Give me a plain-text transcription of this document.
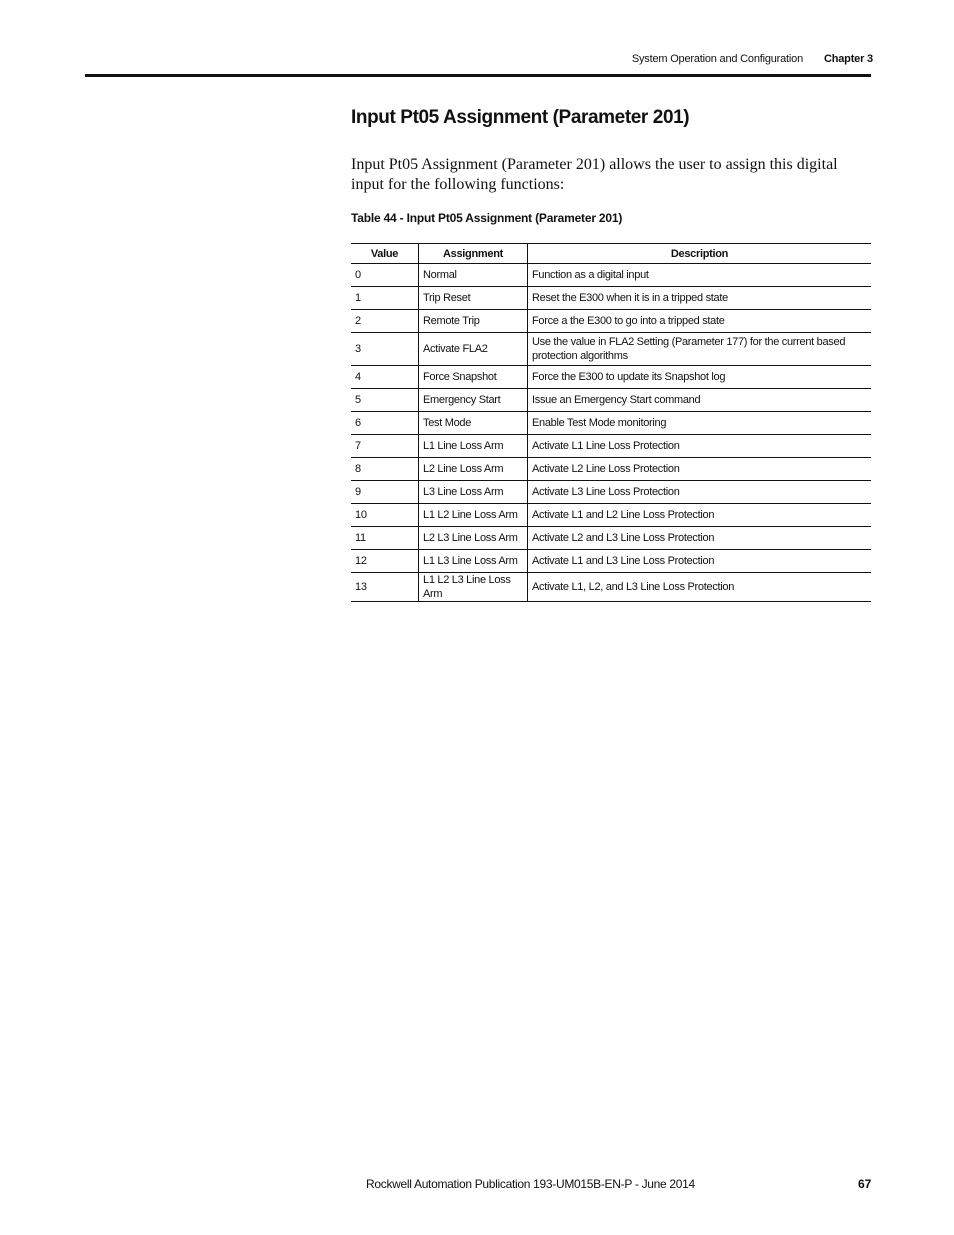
System Operation and Configuration Chapter 3
Input Pt05 Assignment (Parameter 201)

Input Pt05 Assignment (Parameter 201) allows the user to assign this digital input for the following functions:

Table 44 - Input Pt05 Assignment (Parameter 201)

Value	Assignment	Description
0	Normal	Function as a digital input
1	Trip Reset	Reset the E300 when it is in a tripped state
2	Remote Trip	Force a the E300 to go into a tripped state
3	Activate FLA2	Use the value in FLA2 Setting (Parameter 177) for the current based protection algorithms
4	Force Snapshot	Force the E300 to update its Snapshot log
5	Emergency Start	Issue an Emergency Start command
6	Test Mode	Enable Test Mode monitoring
7	L1 Line Loss Arm	Activate L1 Line Loss Protection
8	L2 Line Loss Arm	Activate L2 Line Loss Protection
9	L3 Line Loss Arm	Activate L3 Line Loss Protection
10	L1 L2 Line Loss Arm	Activate L1 and L2 Line Loss Protection
11	L2 L3 Line Loss Arm	Activate L2 and L3 Line Loss Protection
12	L1 L3 Line Loss Arm	Activate L1 and L3 Line Loss Protection
13	L1 L2 L3 Line Loss Arm	Activate L1, L2, and L3 Line Loss Protection
Rockwell Automation Publication 193-UM015B-EN-P - June 2014	67
